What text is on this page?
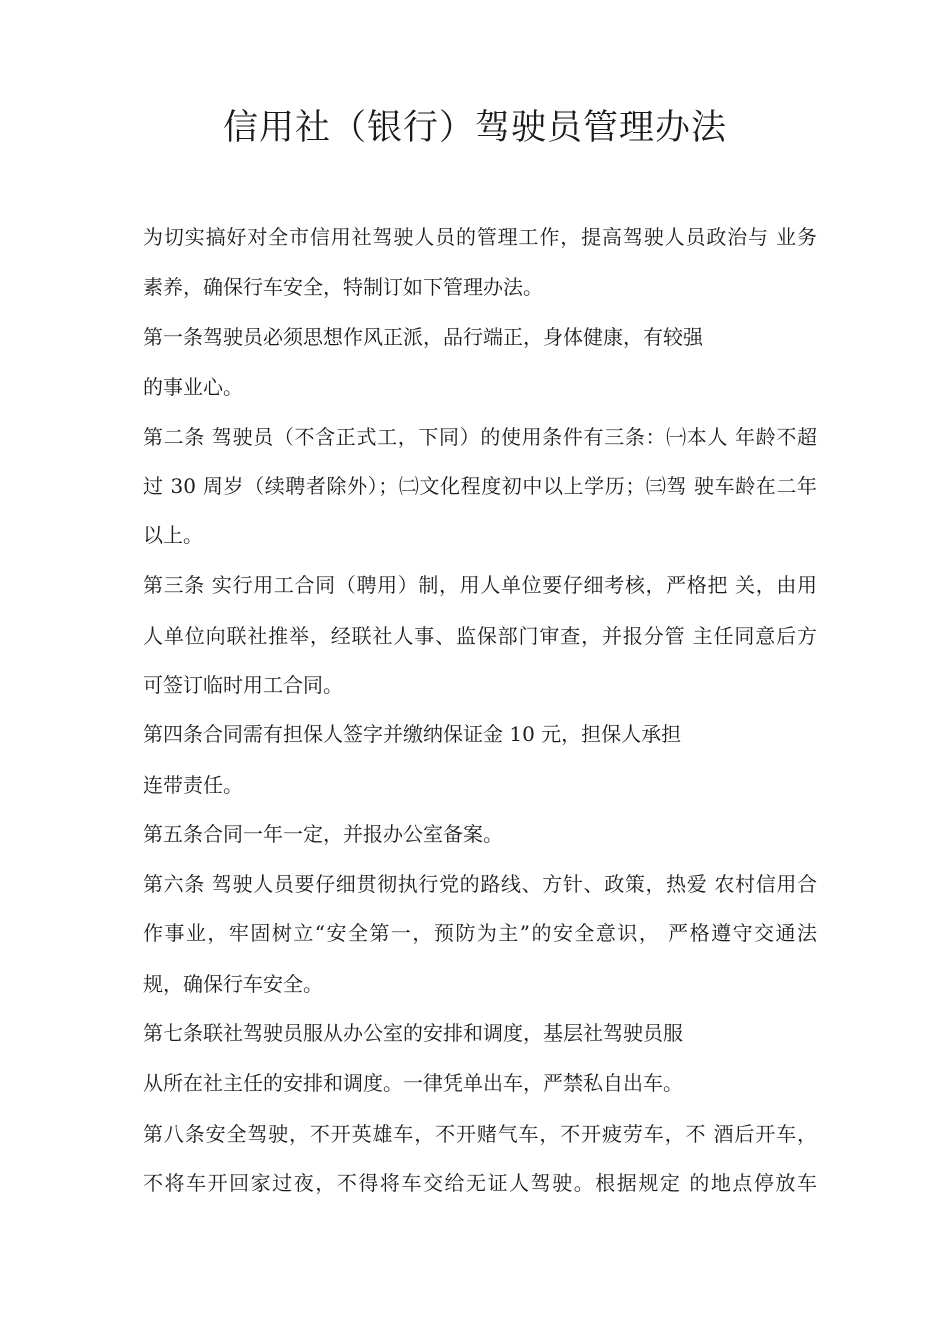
信用社（银行）驾驶员管理办法

为切实搞好对全市信用社驾驶人员的管理工作，提高驾驶人员政治与 业务

素养，确保行车安全，特制订如下管理办法。

第一条驾驶员必须思想作风正派，品行端正，身体健康，有较强

的事业心。

第二条 驾驶员（不含正式工，下同）的使用条件有三条：㈠本人 年龄不超

过 30 周岁（续聘者除外）；㈡文化程度初中以上学历；㈢驾 驶车龄在二年

以上。

第三条 实行用工合同（聘用）制，用人单位要仔细考核，严格把 关，由用

人单位向联社推举，经联社人事、监保部门审查，并报分管 主任同意后方

可签订临时用工合同。

第四条合同需有担保人签字并缴纳保证金 10 元，担保人承担

连带责任。

第五条合同一年一定，并报办公室备案。

第六条 驾驶人员要仔细贯彻执行党的路线、方针、政策，热爱 农村信用合

作事业，牢固树立“安全第一，预防为主”的安全意识， 严格遵守交通法

规，确保行车安全。

第七条联社驾驶员服从办公室的安排和调度，基层社驾驶员服

从所在社主任的安排和调度。一律凭单出车，严禁私自出车。

第八条安全驾驶，不开英雄车，不开赌气车，不开疲劳车，不 酒后开车，

不将车开回家过夜，不得将车交给无证人驾驶。根据规定 的地点停放车
